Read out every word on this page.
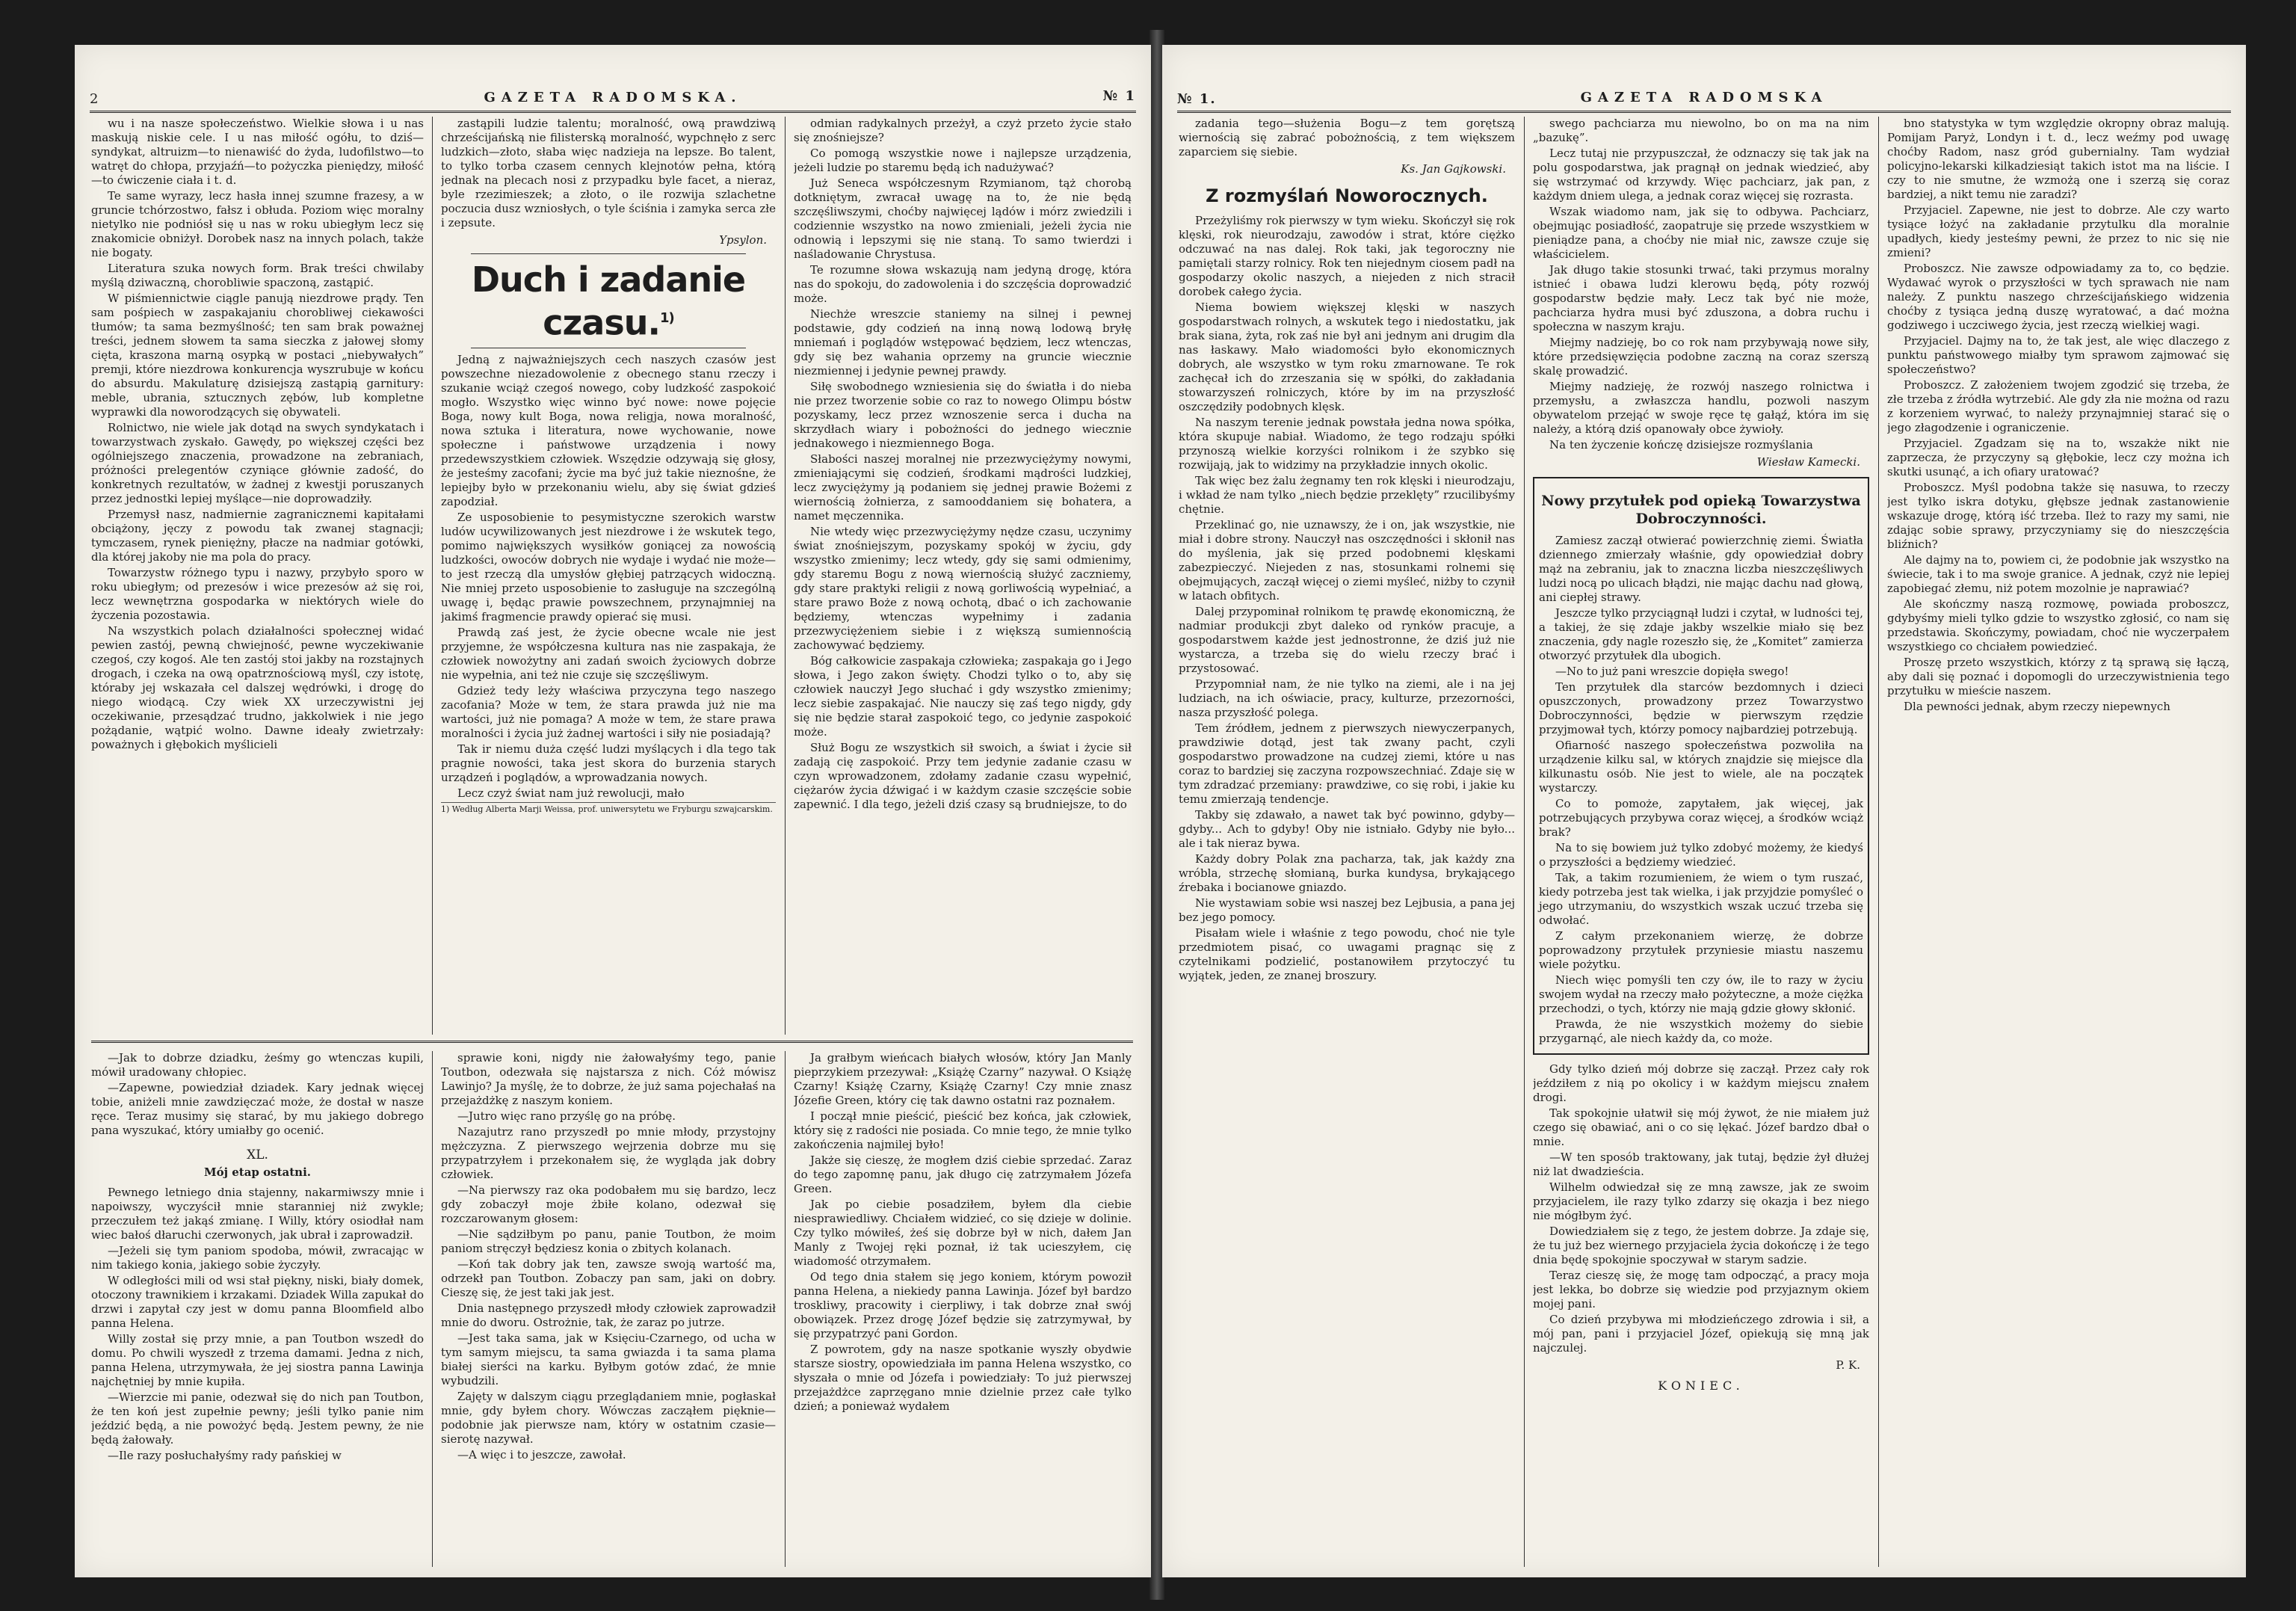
2	GAZETA RADOMSKA.	№ 1

wu i na nasze społeczeństwo. Wielkie słowa i u nas maskują niskie cele. I u nas miłość ogółu, to dziś—syndykat, altruizm—to nienawiść do żyda, ludofilstwo—to watręt do chłopa, przyjaźń—to pożyczka pieniędzy, miłość—to ćwiczenie ciała i t. d.

Te same wyrazy, lecz hasła innej szumne frazesy, a w gruncie tchórzostwo, fałsz i obłuda. Poziom więc moralny nietylko nie podniósł się u nas w roku ubiegłym lecz się znakomicie obniżył. Dorobek nasz na innych polach, także nie bogaty.

Literatura szuka nowych form. Brak treści chwilaby myślą dziwaczną, chorobliwie spaczoną, zastąpić.

W piśmiennictwie ciągle panują niezdrowe prądy. Ten sam pośpiech w zaspakajaniu chorobliwej ciekawości tłumów; ta sama bezmyślność; ten sam brak poważnej treści, jednem słowem ta sama sieczka z jałowej słomy cięta, kraszona marną osypką w postaci „niebywałych” premji, które niezdrowa konkurencja wyszrubuje w końcu do absurdu. Makulaturę dzisiejszą zastąpią garnitury: meble, ubrania, sztucznych zębów, lub kompletne wyprawki dla noworodzących się obywateli.

Rolnictwo, nie wiele jak dotąd na swych syndykatach i towarzystwach zyskało. Gawędy, po większej części bez ogólniejszego znaczenia, prowadzone na zebraniach, próżności prelegentów czyniące głównie zadość, do konkretnych rezultatów, w żadnej z kwestji poruszanych przez jednostki lepiej myślące—nie doprowadziły.

Przemysł nasz, nadmiernie zagranicznemi kapitałami obciążony, jęczy z powodu tak zwanej stagnacji; tymczasem, rynek pieniężny, płacze na nadmiar gotówki, dla której jakoby nie ma pola do pracy.

Towarzystw różnego typu i nazwy, przybyło sporo w roku ubiegłym; od prezesów i wice prezesów aż się roi, lecz wewnętrzna gospodarka w niektórych wiele do życzenia pozostawia.

Na wszystkich polach działalności społecznej widać pewien zastój, pewną chwiejność, pewne wyczekiwanie czegoś, czy kogoś. Ale ten zastój stoi jakby na rozstajnych drogach, i czeka na ową opatrznościową myśl, czy istotę, któraby jej wskazała cel dalszej wędrówki, i drogę do niego wiodącą. Czy wiek XX urzeczywistni jej oczekiwanie, przesądzać trudno, jakkolwiek i nie jego pożądanie, wątpić wolno. Dawne ideały zwietrzały: poważnych i głębokich myślicieli

zastąpili ludzie talentu; moralność, ową prawdziwą chrześcijańską nie filisterską moralność, wypchnęło z serc ludzkich—złoto, słaba więc nadzieja na lepsze. Bo talent, to tylko torba czasem cennych klejnotów pełna, którą jednak na plecach nosi z przypadku byle facet, a nieraz, byle rzezimieszek; a złoto, o ile rozwija szlachetne poczucia dusz wzniosłych, o tyle ściśnia i zamyka serca złe i zepsute.

Ypsylon.

Duch i zadanie czasu.$^{1)}$

Jedną z najważniejszych cech naszych czasów jest powszechne niezadowolenie z obecnego stanu rzeczy i szukanie wciąż czegoś nowego, coby ludzkość zaspokoić mogło. Wszystko więc winno być nowe: nowe pojęcie Boga, nowy kult Boga, nowa religja, nowa moralność, nowa sztuka i literatura, nowe wychowanie, nowe społeczne i państwowe urządzenia i nowy przedewszystkiem człowiek. Wszędzie odzywają się głosy, że jesteśmy zacofani; życie ma być już takie nieznośne, że lepiejby było w przekonaniu wielu, aby się świat gdzieś zapodział.

Ze usposobienie to pesymistyczne szerokich warstw ludów ucywilizowanych jest niezdrowe i że wskutek tego, pomimo największych wysiłków goniącej za nowością ludzkości, owoców dobrych nie wydaje i wydać nie może—to jest rzeczą dla umysłów głębiej patrzących widoczną. Nie mniej przeto usposobienie to zasługuje na szczególną uwagę i, będąc prawie powszechnem, przynajmniej na jakimś fragmencie prawdy opierać się musi.

Prawdą zaś jest, że życie obecne wcale nie jest przyjemne, że współczesna kultura nas nie zaspakaja, że człowiek nowożytny ani zadań swoich życiowych dobrze nie wypełnia, ani też nie czuje się szczęśliwym.

Gdzież tedy leży właściwa przyczyna tego naszego zacofania? Może w tem, że stara prawda już nie ma wartości, już nie pomaga? A może w tem, że stare prawa moralności i życia już żadnej wartości i siły nie posiadają?

Tak ir niemu duża część ludzi myślących i dla tego tak pragnie nowości, taka jest skora do burzenia starych urządzeń i poglądów, a wprowadzania nowych.

Lecz czyż świat nam już rewolucji, mało

1) Według Alberta Marji Weissa, prof. uniwersytetu we Fryburgu szwajcarskim.

odmian radykalnych przeżył, a czyż przeto życie stało się znośniejsze?

Co pomogą wszystkie nowe i najlepsze urządzenia, jeżeli ludzie po staremu będą ich nadużywać?

Już Seneca współczesnym Rzymianom, tąż chorobą dotkniętym, zwracał uwagę na to, że nie będą szczęśliwszymi, choćby najwięcej lądów i mórz zwiedzili i codziennie wszystko na nowo zmieniali, jeżeli życia nie odnowią i lepszymi się nie staną. To samo twierdzi i naśladowanie Chrystusa.

Te rozumne słowa wskazują nam jedyną drogę, która nas do spokoju, do zadowolenia i do szczęścia doprowadzić może.

Niechże wreszcie staniemy na silnej i pewnej podstawie, gdy codzień na inną nową lodową bryłę mniemań i poglądów wstępować będziem, lecz wtenczas, gdy się bez wahania oprzemy na gruncie wiecznie niezmiennej i jedynie pewnej prawdy.

Siłę swobodnego wzniesienia się do światła i do nieba nie przez tworzenie sobie co raz to nowego Olimpu bóstw pozyskamy, lecz przez wznoszenie serca i ducha na skrzydłach wiary i pobożności do jednego wiecznie jednakowego i niezmiennego Boga.

Słabości naszej moralnej nie przezwyciężymy nowymi, zmieniającymi się codzień, środkami mądrości ludzkiej, lecz zwyciężymy ją podaniem się jednej prawie Bożemi z wiernością żołnierza, z samooddaniem się bohatera, a namet męczennika.

Nie wtedy więc przezwyciężymy nędze czasu, uczynimy świat znośniejszym, pozyskamy spokój w życiu, gdy wszystko zmienimy; lecz wtedy, gdy się sami odmienimy, gdy staremu Bogu z nową wiernością służyć zaczniemy, gdy stare praktyki religii z nową gorliwością wypełniać, a stare prawo Boże z nową ochotą, dbać o ich zachowanie będziemy, wtenczas wypełnimy i zadania przezwyciężeniem siebie i z większą sumiennością zachowywać będziemy.

Bóg całkowicie zaspakaja człowieka; zaspakaja go i Jego słowa, i Jego zakon święty. Chodzi tylko o to, aby się człowiek nauczył Jego słuchać i gdy wszystko zmienimy; lecz siebie zaspakajać. Nie nauczy się zaś tego nigdy, gdy się nie będzie starał zaspokoić tego, co jedynie zaspokoić może.

Służ Bogu ze wszystkich sił swoich, a świat i życie sił zadają cię zaspokoić. Przy tem jedynie zadanie czasu w czyn wprowadzonem, zdołamy zadanie czasu wypełnić, ciężarów życia dźwigać i w każdym czasie szczęście sobie zapewnić. I dla tego, jeżeli dziś czasy są brudniejsze, to do

—Jak to dobrze dziadku, żeśmy go wtenczas kupili, mówił uradowany chłopiec.

—Zapewne, powiedział dziadek. Kary jednak więcej tobie, aniżeli mnie zawdzięczać może, że dostał w nasze ręce. Teraz musimy się starać, by mu jakiego dobrego pana wyszukać, który umiałby go ocenić.

XL.

Mój etap ostatni.

Pewnego letniego dnia stajenny, nakarmiwszy mnie i napoiwszy, wyczyścił mnie staranniej niż zwykle; przeczułem też jakąś zmianę. I Willy, który osiodłał nam wiec bałoś dłaruchi czerwonych, jak ubrał i zaprowadził.

—Jeżeli się tym paniom spodoba, mówił, zwracając w nim takiego konia, jakiego sobie życzyły.

W odległości mili od wsi stał piękny, niski, biały domek, otoczony trawnikiem i krzakami. Dziadek Willa zapukał do drzwi i zapytał czy jest w domu panna Bloomfield albo panna Helena.

Willy został się przy mnie, a pan Toutbon wszedł do domu. Po chwili wyszedł z trzema damami. Jedna z nich, panna Helena, utrzymywała, że jej siostra panna Lawinja najchętniej by mnie kupiła.

—Wierzcie mi panie, odezwał się do nich pan Toutbon, że ten koń jest zupełnie pewny; jeśli tylko panie nim jeździć będą, a nie powożyć będą. Jestem pewny, że nie będą żałowały.

—Ile razy posłuchałyśmy rady pańskiej w

sprawie koni, nigdy nie żałowałyśmy tego, panie Toutbon, odezwała się najstarsza z nich. Cóż mówisz Lawinjo? Ja myślę, że to dobrze, że już sama pojechałaś na przejażdżkę z naszym koniem.

—Jutro więc rano przyślę go na próbę.

Nazajutrz rano przyszedł po mnie młody, przystojny mężczyzna. Z pierwszego wejrzenia dobrze mu się przypatrzyłem i przekonałem się, że wygląda jak dobry człowiek.

—Na pierwszy raz oka podobałem mu się bardzo, lecz gdy zobaczył moje żbiłe kolano, odezwał się rozczarowanym głosem:

—Nie sądziłbym po panu, panie Toutbon, że moim paniom stręczył będziesz konia o zbitych kolanach.

—Koń tak dobry jak ten, zawsze swoją wartość ma, odrzekł pan Toutbon. Zobaczy pan sam, jaki on dobry. Cieszę się, że jest taki jak jest.

Dnia następnego przyszedł młody człowiek zaprowadził mnie do dworu. Ostrożnie, tak, że zaraz po jutrze.

—Jest taka sama, jak w Księciu-Czarnego, od ucha w tym samym miejscu, ta sama gwiazda i ta sama plama białej sierści na karku. Byłbym gotów zdać, że mnie wybudzili.

Zajęty w dalszym ciągu przeglądaniem mnie, pogłaskał mnie, gdy byłem chory. Wówczas zacząłem pięknie—podobnie jak pierwsze nam, który w ostatnim czasie—sierotę nazywał.

—A więc i to jeszcze, zawołał.

Ja grałbym wieńcach białych włosów, który Jan Manly pieprzykiem przezywał: „Książę Czarny” nazywał. O Książę Czarny! Książę Czarny, Książę Czarny! Czy mnie znasz Józefie Green, który cię tak dawno ostatni raz poznałem.

I począł mnie pieścić, pieścić bez końca, jak człowiek, który się z radości nie posiada. Co mnie tego, że mnie tylko zakończenia najmilej było!

Jakże się cieszę, że mogłem dziś ciebie sprzedać. Zaraz do tego zapomnę panu, jak długo cię zatrzymałem Józefa Green.

Jak po ciebie posadziłem, byłem dla ciebie niesprawiedliwy. Chciałem widzieć, co się dzieje w dolinie. Czy tylko mówiłeś, żeś się dobrze był w nich, dałem Jan Manly z Twojej ręki poznał, iż tak ucieszyłem, cię wiadomość otrzymałem.

Od tego dnia stałem się jego koniem, którym powoził panna Helena, a niekiedy panna Lawinja. Józef był bardzo troskliwy, pracowity i cierpliwy, i tak dobrze znał swój obowiązek. Przez drogę Józef będzie się zatrzymywał, by się przypatrzyć pani Gordon.

Z powrotem, gdy na nasze spotkanie wyszły obydwie starsze siostry, opowiedziała im panna Helena wszystko, co słyszała o mnie od Józefa i powiedziały: To już pierwszej przejażdżce zaprzęgano mnie dzielnie przez całe tylko dzień; a ponieważ wydałem

№ 1.	GAZETA RADOMSKA

zadania tego—służenia Bogu—z tem gorętszą wiernością się zabrać pobożnością, z tem większem zaparciem się siebie.

Ks. Jan Gajkowski.

Z rozmyślań Noworocznych.

Przeżyliśmy rok pierwszy w tym wieku. Skończył się rok klęski, rok nieurodzaju, zawodów i strat, które ciężko odczuwać na nas dalej. Rok taki, jak tegoroczny nie pamiętali starzy rolnicy. Rok ten niejednym ciosem padł na gospodarzy okolic naszych, a niejeden z nich stracił dorobek całego życia.

Niema bowiem większej klęski w naszych gospodarstwach rolnych, a wskutek tego i niedostatku, jak brak siana, żyta, rok zaś nie był ani jednym ani drugim dla nas łaskawy. Mało wiadomości było ekonomicznych dobrych, ale wszystko w tym roku zmarnowane. Te rok zachęcał ich do zrzeszania się w spółki, do zakładania stowarzyszeń rolniczych, które by im na przyszłość oszczędziły podobnych klęsk.

Na naszym terenie jednak powstała jedna nowa spółka, która skupuje nabiał. Wiadomo, że tego rodzaju spółki przynoszą wielkie korzyści rolnikom i że szybko się rozwijają, jak to widzimy na przykładzie innych okolic.

Tak więc bez żalu żegnamy ten rok klęski i nieurodzaju, i wkład że nam tylko „niech będzie przeklęty” rzucilibyśmy chętnie.

Przeklinać go, nie uznawszy, że i on, jak wszystkie, nie miał i dobre strony. Nauczył nas oszczędności i skłonił nas do myślenia, jak się przed podobnemi klęskami zabezpieczyć. Niejeden z nas, stosunkami rolnemi się obejmujących, zaczął więcej o ziemi myśleć, niżby to czynił w latach obfitych.

Dalej przypominał rolnikom tę prawdę ekonomiczną, że nadmiar produkcji zbyt daleko od rynków pracuje, a gospodarstwem każde jest jednostronne, że dziś już nie wystarcza, a trzeba się do wielu rzeczy brać i przystosować.

Przypomniał nam, że nie tylko na ziemi, ale i na jej ludziach, na ich oświacie, pracy, kulturze, przezorności, nasza przyszłość polega.

Tem źródłem, jednem z pierwszych niewyczerpanych, prawdziwie dotąd, jest tak zwany pacht, czyli gospodarstwo prowadzone na cudzej ziemi, które u nas coraz to bardziej się zaczyna rozpowszechniać. Zdaje się w tym zdradzać przemiany: prawdziwe, co się robi, i jakie ku temu zmierzają tendencje.

Takby się zdawało, a nawet tak być powinno, gdyby—gdyby... Ach to gdyby! Oby nie istniało. Gdyby nie było... ale i tak nieraz bywa.

Każdy dobry Polak zna pacharza, tak, jak każdy zna wróbla, strzechę słomianą, burka kundysa, brykającego źrebaka i bocianowe gniazdo.

Nie wystawiam sobie wsi naszej bez Lejbusia, a pana jej bez jego pomocy.

Pisałam wiele i właśnie z tego powodu, choć nie tyle przedmiotem pisać, co uwagami pragnąc się z czytelnikami podzielić, postanowiłem przytoczyć tu wyjątek, jeden, ze znanej broszury.

swego pachciarza mu niewolno, bo on ma na nim „bazukę”.

Lecz tutaj nie przypuszczał, że odznaczy się tak jak na polu gospodarstwa, jak pragnął on jednak wiedzieć, aby się wstrzymać od krzywdy. Więc pachciarz, jak pan, z każdym dniem ulega, a jednak coraz więcej się rozrasta.

Wszak wiadomo nam, jak się to odbywa. Pachciarz, obejmując posiadłość, zaopatruje się przede wszystkiem w pieniądze pana, a choćby nie miał nic, zawsze czuje się właścicielem.

Jak długo takie stosunki trwać, taki przymus moralny istnieć i obawa ludzi klerowu będą, póty rozwój gospodarstw będzie mały. Lecz tak być nie może, pachciarza hydra musi być zduszona, a dobra ruchu i społeczna w naszym kraju.

Miejmy nadzieję, bo co rok nam przybywają nowe siły, które przedsięwzięcia podobne zaczną na coraz szerszą skalę prowadzić.

Miejmy nadzieję, że rozwój naszego rolnictwa i przemysłu, a zwłaszcza handlu, pozwoli naszym obywatelom przejąć w swoje ręce tę gałąź, która im się należy, a którą dziś opanowały obce żywioły.

Na ten życzenie kończę dzisiejsze rozmyślania

Wiesław Kamecki.

Nowy przytułek pod opieką Towarzystwa Dobroczynności.

Zamiesz zaczął otwierać powierzchnię ziemi. Światła dziennego zmierzały właśnie, gdy opowiedział dobry mąż na zebraniu, jak to znaczna liczba nieszczęśliwych ludzi nocą po ulicach błądzi, nie mając dachu nad głową, ani ciepłej strawy.

Jeszcze tylko przyciągnął ludzi i czytał, w ludności tej, a takiej, że się zdaje jakby wszelkie miało się bez znaczenia, gdy nagle rozeszło się, że „Komitet” zamierza otworzyć przytułek dla ubogich.

—No to już pani wreszcie dopięła swego!

Ten przytułek dla starców bezdomnych i dzieci opuszczonych, prowadzony przez Towarzystwo Dobroczynności, będzie w pierwszym rzędzie przyjmował tych, którzy pomocy najbardziej potrzebują.

Ofiarność naszego społeczeństwa pozwoliła na urządzenie kilku sal, w których znajdzie się miejsce dla kilkunastu osób. Nie jest to wiele, ale na początek wystarczy.

Co to pomoże, zapytałem, jak więcej, jak potrzebujących przybywa coraz więcej, a środków wciąż brak?

Na to się bowiem już tylko zdobyć możemy, że kiedyś o przyszłości a będziemy wiedzieć.

Tak, a takim rozumieniem, że wiem o tym ruszać, kiedy potrzeba jest tak wielka, i jak przyjdzie pomyśleć o jego utrzymaniu, do wszystkich wszak uczuć trzeba się odwołać.

Z całym przekonaniem wierzę, że dobrze poprowadzony przytułek przyniesie miastu naszemu wiele pożytku.

Niech więc pomyśli ten czy ów, ile to razy w życiu swojem wydał na rzeczy mało pożyteczne, a może ciężka przechodzi, o tych, którzy nie mają gdzie głowy skłonić.

Prawda, że nie wszystkich możemy do siebie przygarnąć, ale niech każdy da, co może.

Gdy tylko dzień mój dobrze się zaczął. Przez cały rok jeździłem z nią po okolicy i w każdym miejscu znałem drogi.

Tak spokojnie ułatwił się mój żywot, że nie miałem już czego się obawiać, ani o co się lękać. Józef bardzo dbał o mnie.

—W ten sposób traktowany, jak tutaj, będzie żył dłużej niż lat dwadzieścia.

Wilhelm odwiedzał się ze mną zawsze, jak ze swoim przyjacielem, ile razy tylko zdarzy się okazja i bez niego nie mógłbym żyć.

Dowiedziałem się z tego, że jestem dobrze. Ja zdaje się, że tu już bez wiernego przyjaciela życia dokończę i że tego dnia będę spokojnie spoczywał w starym sadzie.

Teraz cieszę się, że mogę tam odpocząć, a pracy moja jest lekka, bo dobrze się wiedzie pod przyjaznym okiem mojej pani.

Co dzień przybywa mi młodzieńczego zdrowia i sił, a mój pan, pani i przyjaciel Józef, opiekują się mną jak najczulej.

P. K.

KONIEC.

bno statystyka w tym względzie okropny obraz malują. Pomijam Paryż, Londyn i t. d., lecz weźmy pod uwagę choćby Radom, nasz gród gubernialny. Tam wydział policyjno-lekarski kilkadziesiąt takich istot ma na liście. I czy to nie smutne, że wzmożą one i szerzą się coraz bardziej, a nikt temu nie zaradzi?

Przyjaciel. Zapewne, nie jest to dobrze. Ale czy warto tysiące łożyć na zakładanie przytulku dla moralnie upadłych, kiedy jesteśmy pewni, że przez to nic się nie zmieni?

Proboszcz. Nie zawsze odpowiadamy za to, co będzie. Wydawać wyrok o przyszłości w tych sprawach nie nam należy. Z punktu naszego chrześcijańskiego widzenia choćby z tysiąca jedną duszę wyratować, a dać można godziwego i uczciwego życia, jest rzeczą wielkiej wagi.

Przyjaciel. Dajmy na to, że tak jest, ale więc dlaczego z punktu państwowego miałby tym sprawom zajmować się społeczeństwo?

Proboszcz. Z założeniem twojem zgodzić się trzeba, że złe trzeba z źródła wytrzebić. Ale gdy zła nie można od razu z korzeniem wyrwać, to należy przynajmniej starać się o jego złagodzenie i ograniczenie.

Przyjaciel. Zgadzam się na to, wszakże nikt nie zaprzecza, że przyczyny są głębokie, lecz czy można ich skutki usunąć, a ich ofiary uratować?

Proboszcz. Myśl podobna także się nasuwa, to rzeczy jest tylko iskra dotyku, głębsze jednak zastanowienie wskazuje drogę, którą iść trzeba. Ileż to razy my sami, nie zdając sobie sprawy, przyczyniamy się do nieszczęścia bliźnich?

Ale dajmy na to, powiem ci, że podobnie jak wszystko na świecie, tak i to ma swoje granice. A jednak, czyż nie lepiej zapobiegać złemu, niż potem mozolnie je naprawiać?

Ale skończmy naszą rozmowę, powiada proboszcz, gdybyśmy mieli tylko gdzie to wszystko zgłosić, co nam się przedstawia. Skończymy, powiadam, choć nie wyczerpałem wszystkiego co chciałem powiedzieć.

Proszę przeto wszystkich, którzy z tą sprawą się łączą, aby dali się poznać i dopomogli do urzeczywistnienia tego przytułku w mieście naszem.

Dla pewności jednak, abym rzeczy niepewnych
